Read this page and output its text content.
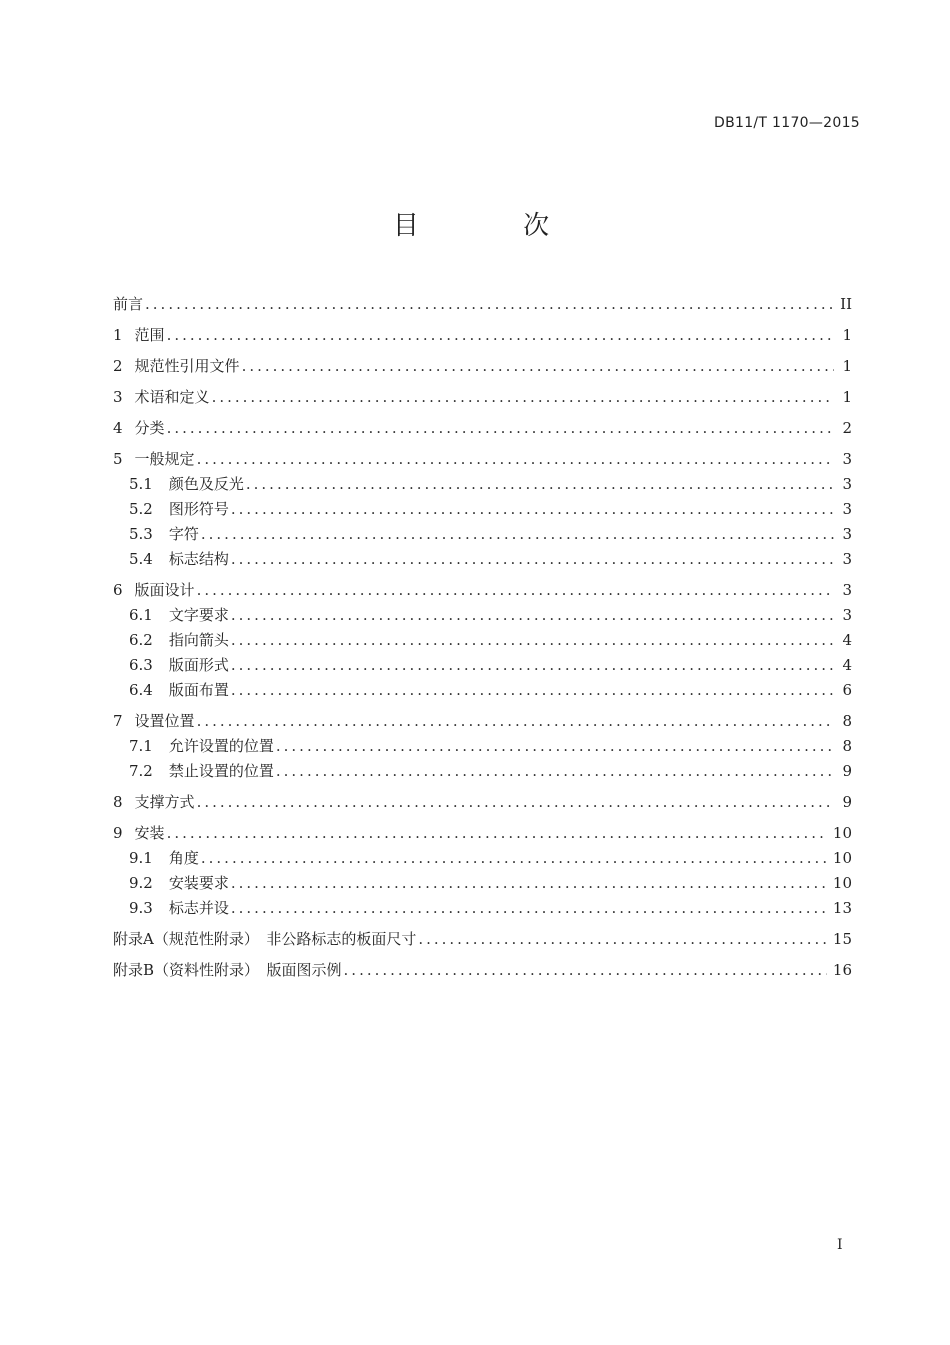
DB11/T 1170—2015
目 次
前言 .....	II
1 范围 .....	1
2 规范性引用文件 .....	1
3 术语和定义 .....	1
4 分类 .....	2
5 一般规定 .....	3
5.1 颜色及反光 .....	3
5.2 图形符号 .....	3
5.3 字符 .....	3
5.4 标志结构 .....	3
6 版面设计 .....	3
6.1 文字要求 .....	3
6.2 指向箭头 .....	4
6.3 版面形式 .....	4
6.4 版面布置 .....	6
7 设置位置 .....	8
7.1 允许设置的位置 .....	8
7.2 禁止设置的位置 .....	9
8 支撑方式 .....	9
9 安装 .....	10
9.1 角度 .....	10
9.2 安装要求 .....	10
9.3 标志并设 .....	13
附录A（规范性附录）　非公路标志的板面尺寸 .....	15
附录B（资料性附录）　版面图示例 .....	16
I
